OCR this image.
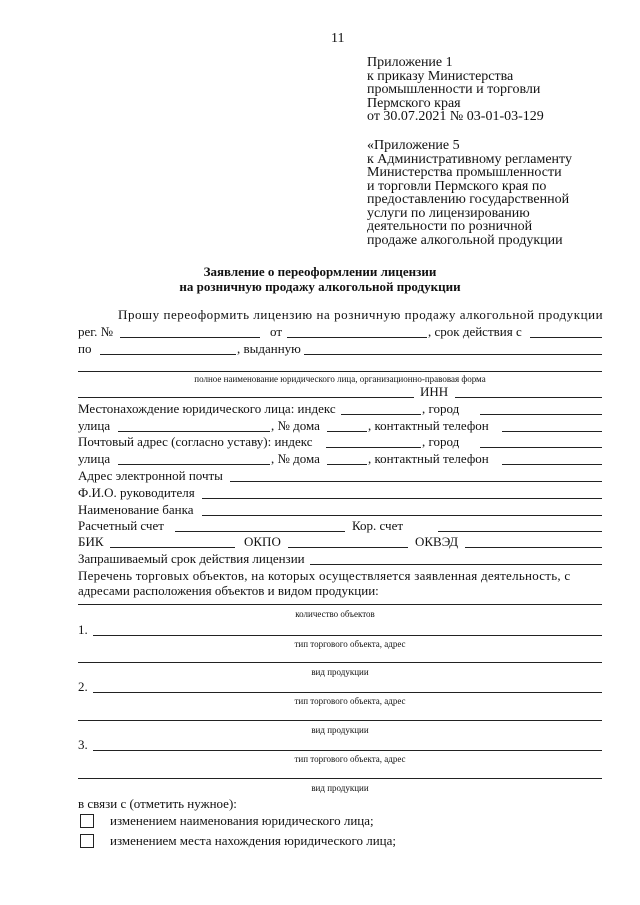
11
Приложение 1
к приказу Министерства
промышленности и торговли
Пермского края
от 30.07.2021 № 03-01-03-129
«Приложение 5
к Административному регламенту
Министерства промышленности
и торговли Пермского края по
предоставлению государственной
услуги по лицензированию
деятельности по розничной
продаже алкогольной продукции
Заявление о переоформлении лицензии
на розничную продажу алкогольной продукции
Прошу переоформить лицензию на розничную продажу алкогольной продукции
рег. №	от	, срок действия с
по	, выданную
полное наименование юридического лица, организационно-правовая форма
ИНН
Местонахождение юридического лица: индекс	, город
улица	, № дома	, контактный телефон
Почтовый адрес (согласно уставу): индекс	, город
улица	, № дома	, контактный телефон
Адрес электронной почты
Ф.И.О. руководителя
Наименование банка
Расчетный счет	Кор. счет
БИК	ОКПО	ОКВЭД
Запрашиваемый срок действия лицензии
Перечень торговых объектов, на которых осуществляется заявленная деятельность, с
адресами расположения объектов и видом продукции:
количество объектов
1.
тип торгового объекта, адрес
вид продукции
2.
тип торгового объекта, адрес
вид продукции
3.
тип торгового объекта, адрес
вид продукции
в связи с (отметить нужное):
изменением наименования юридического лица;
изменением места нахождения юридического лица;
